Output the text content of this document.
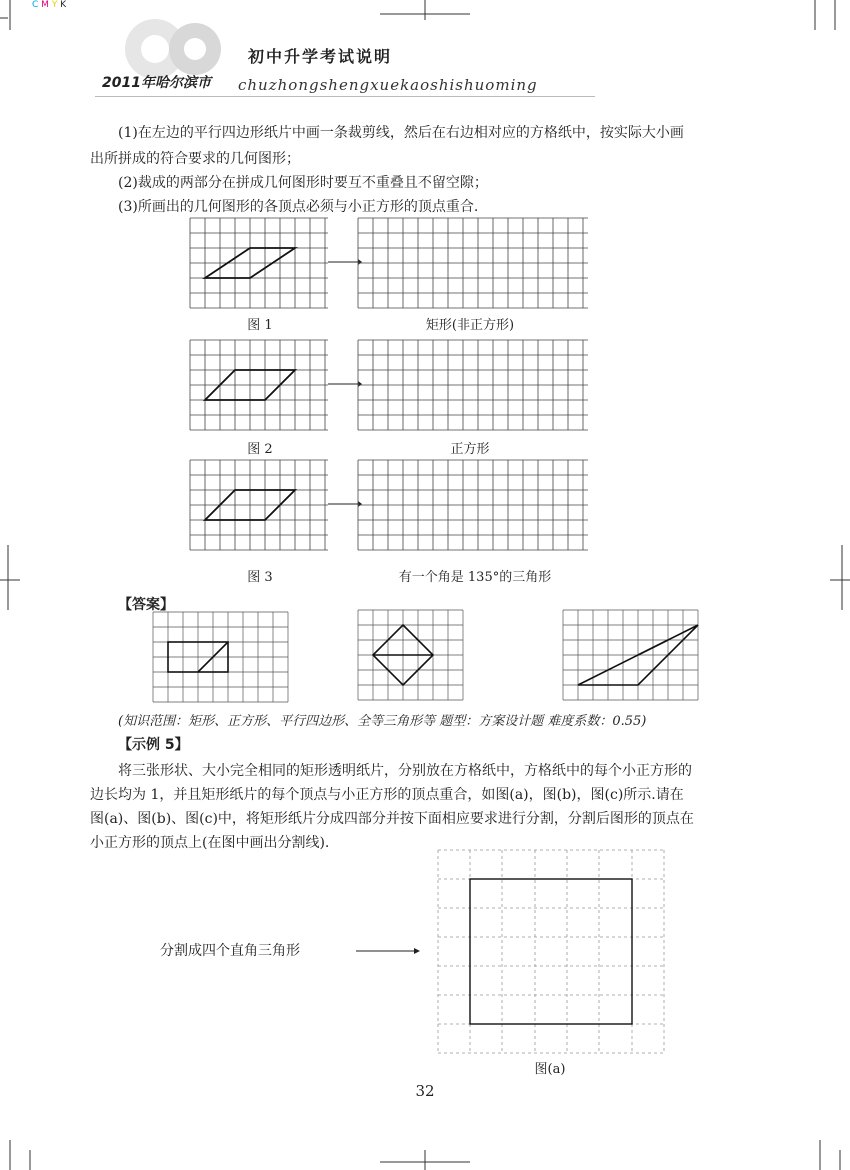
C M Y K
初中升学考试说明
2011年哈尔滨市 chuzhongshengxuekaoshishuoming

(1)在左边的平行四边形纸片中画一条裁剪线，然后在右边相对应的方格纸中，按实际大小画

出所拼成的符合要求的几何图形；

(2)裁成的两部分在拼成几何图形时要互不重叠且不留空隙；

(3)所画出的几何图形的各顶点必须与小正方形的顶点重合.

图 1	矩形(非正方形)
图 2	正方形
图 3	有一个角是 135°的三角形
【答案】
(知识范围：矩形、正方形、平行四边形、全等三角形等 题型：方案设计题 难度系数：0.55)
【示例 5】

将三张形状、大小完全相同的矩形透明纸片，分别放在方格纸中，方格纸中的每个小正方形的

边长均为 1，并且矩形纸片的每个顶点与小正方形的顶点重合，如图(a)，图(b)，图(c)所示.请在

图(a)、图(b)、图(c)中，将矩形纸片分成四部分并按下面相应要求进行分割，分割后图形的顶点在

小正方形的顶点上(在图中画出分割线).

分割成四个直角三角形
图(a)
32
